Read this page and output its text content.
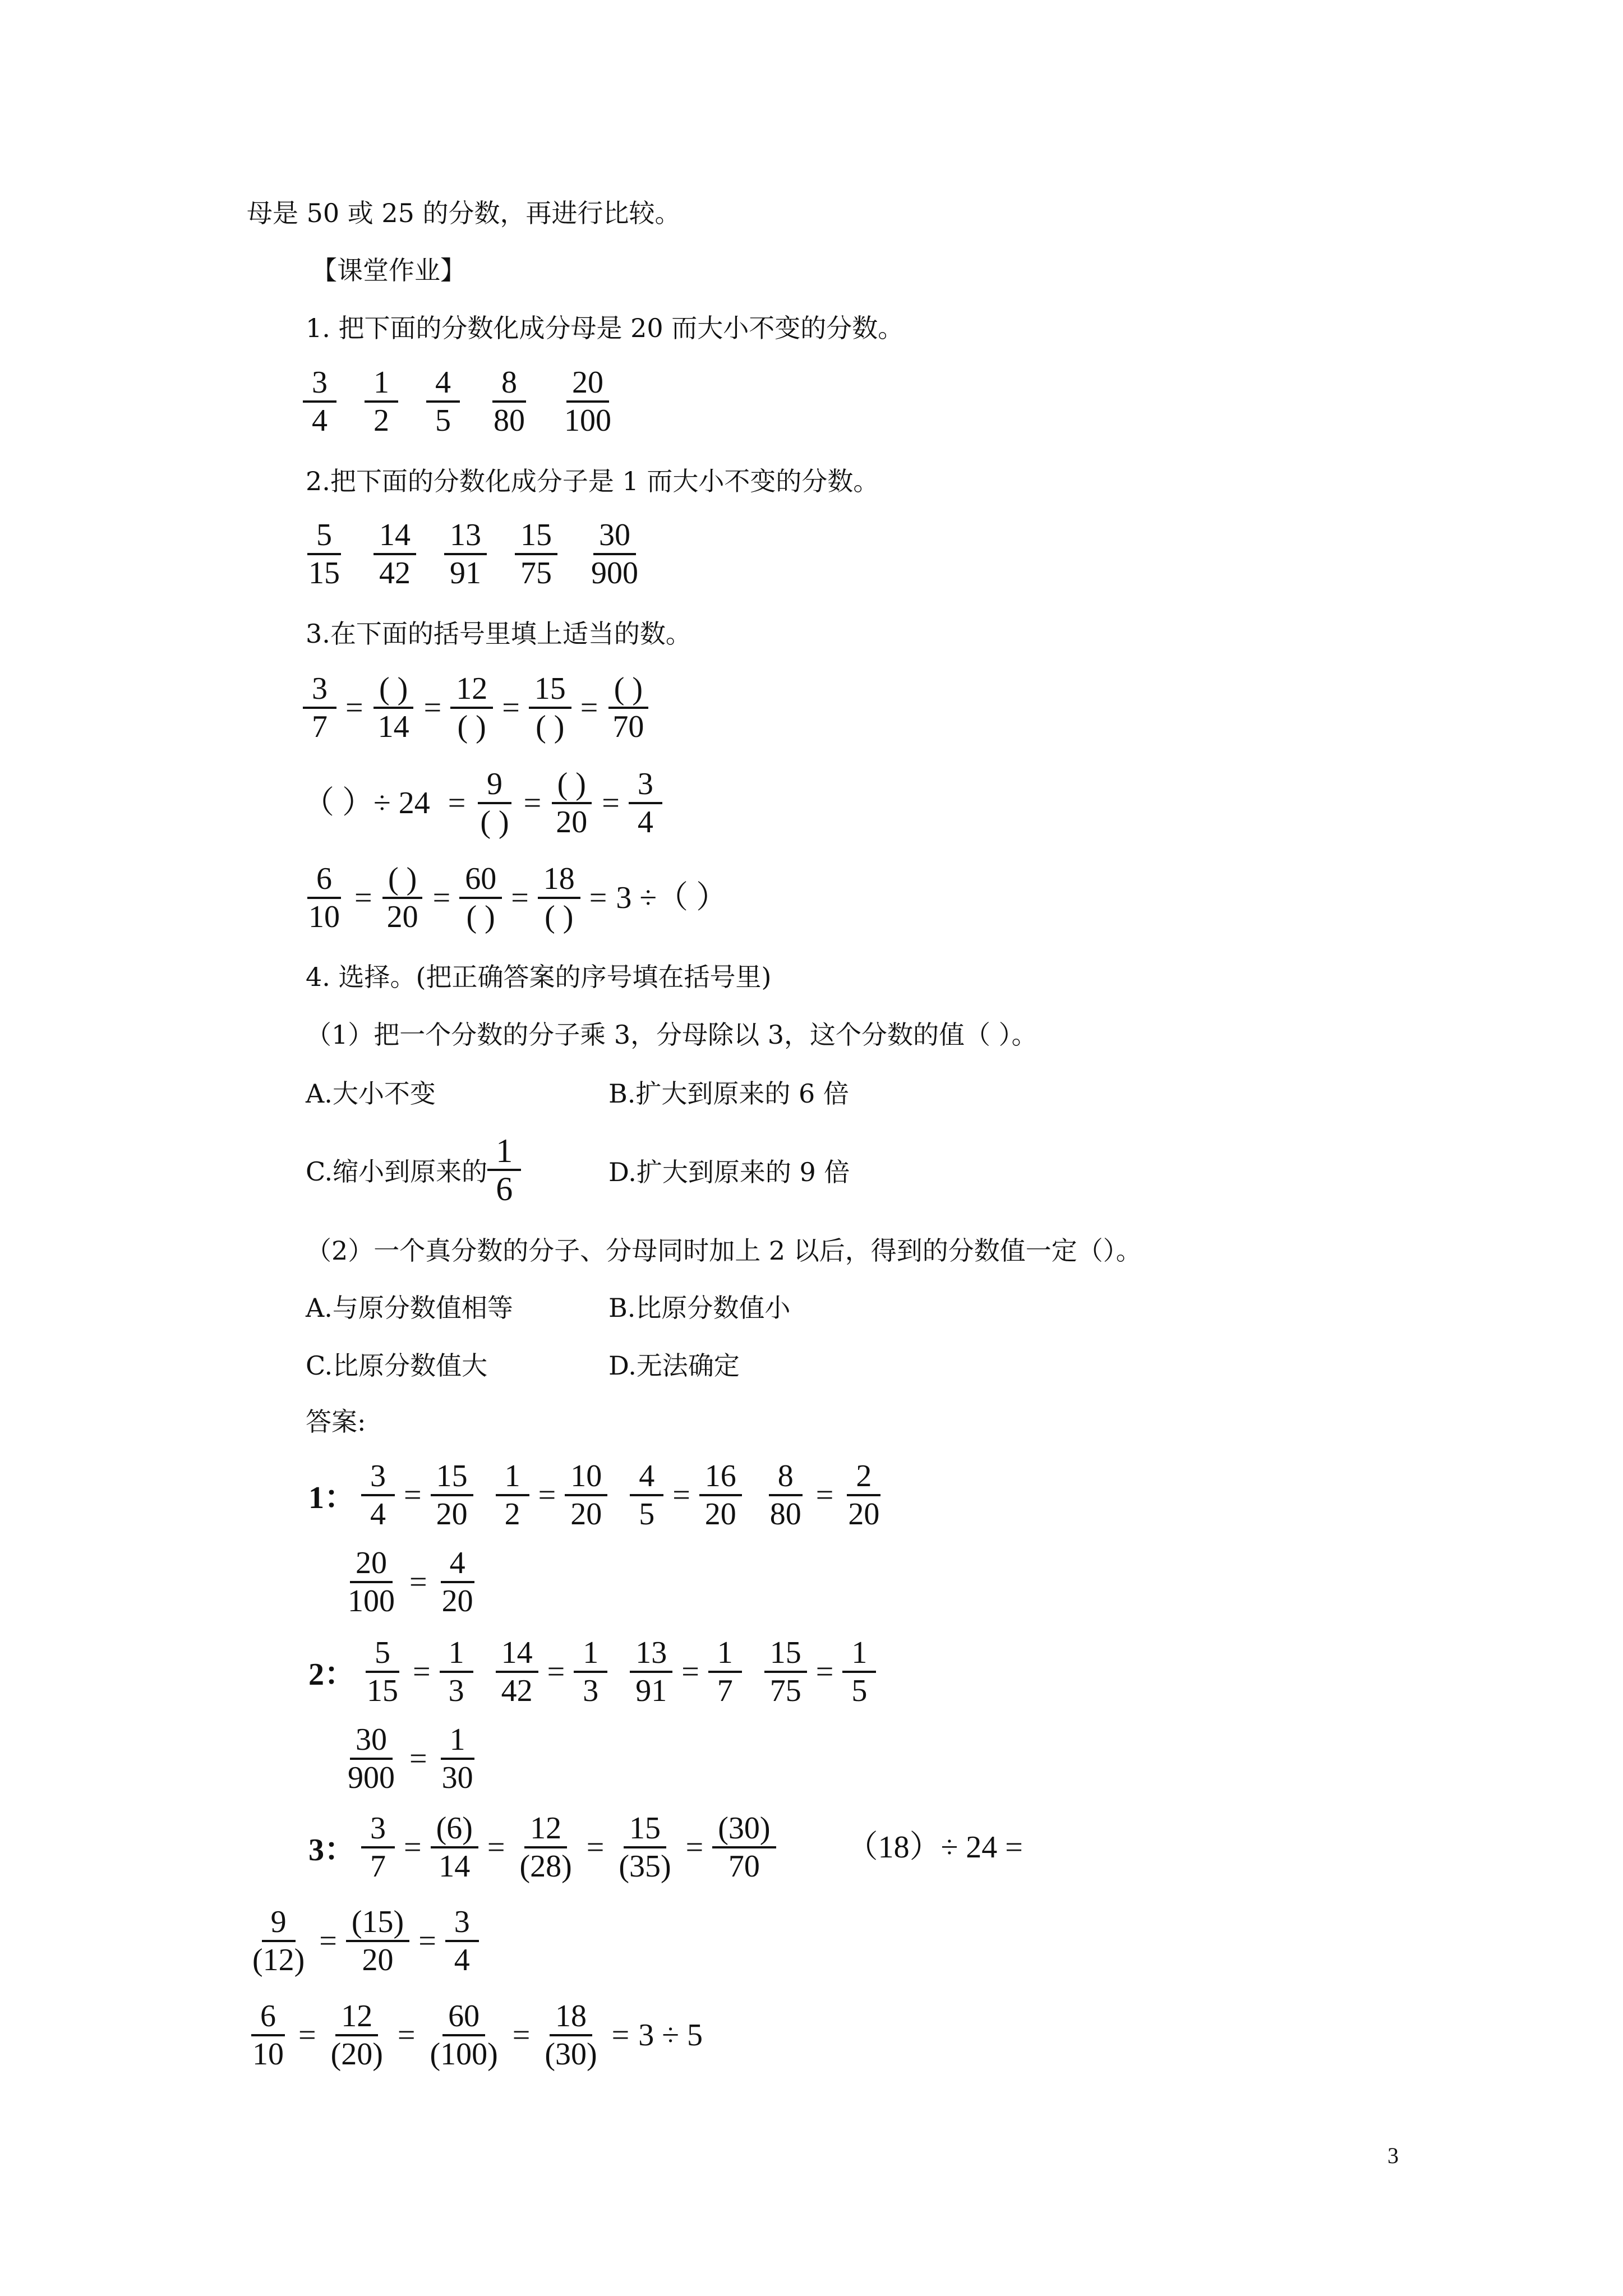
母是 50 或 25 的分数，再进行比较。
【课堂作业】
1. 把下面的分数化成分母是 20 而大小不变的分数。
$\frac{3}{4} \frac{1}{2} \frac{4}{5} \frac{8}{80} \frac{20}{100}$
2.把下面的分数化成分子是 1 而大小不变的分数。
$\frac{5}{15} \frac{14}{42} \frac{13}{91} \frac{15}{75} \frac{30}{900}$
3.在下面的括号里填上适当的数。
$\frac{3}{7} = \frac{( )}{14} = \frac{12}{( )} = \frac{15}{( )} = \frac{( )}{70}$
（ ）÷ $24 = \frac{9}{( )} = \frac{( )}{20} = \frac{3}{4}$
$\frac{6}{10} = \frac{( )}{20} = \frac{60}{( )} = \frac{18}{( )} = 3$ ÷（ ）
4. 选择。(把正确答案的序号填在括号里)
（1）把一个分数的分子乘 3，分母除以 3，这个分数的值（ ）。
A.大小不变	B.扩大到原来的 6 倍
C.缩小到原来的 $\frac{1}{6}$	D.扩大到原来的 9 倍
（2）一个真分数的分子、分母同时加上 2 以后，得到的分数值一定（）。
A.与原分数值相等	B.比原分数值小
C.比原分数值大	D.无法确定
答案:
1： $\frac{3}{4} = \frac{15}{20} \frac{1}{2} = \frac{10}{20} \frac{4}{5} = \frac{16}{20} \frac{8}{80} = \frac{2}{20}$
$\frac{20}{100} = \frac{4}{20}$
2： $\frac{5}{15} = \frac{1}{3} \frac{14}{42} = \frac{1}{3} \frac{13}{91} = \frac{1}{7} \frac{15}{75} = \frac{1}{5}$
$\frac{30}{900} = \frac{1}{30}$
3： $\frac{3}{7} = \frac{(6)}{14} = \frac{12}{(28)} = \frac{15}{(35)} = \frac{(30)}{70} (18)\div 24$ =
$\frac{9}{(12)} = \frac{(15)}{20} = \frac{3}{4}$
$\frac{6}{10} = \frac{12}{(20)} = \frac{60}{(100)} = \frac{18}{(30)} = 3 \div 5$
3
